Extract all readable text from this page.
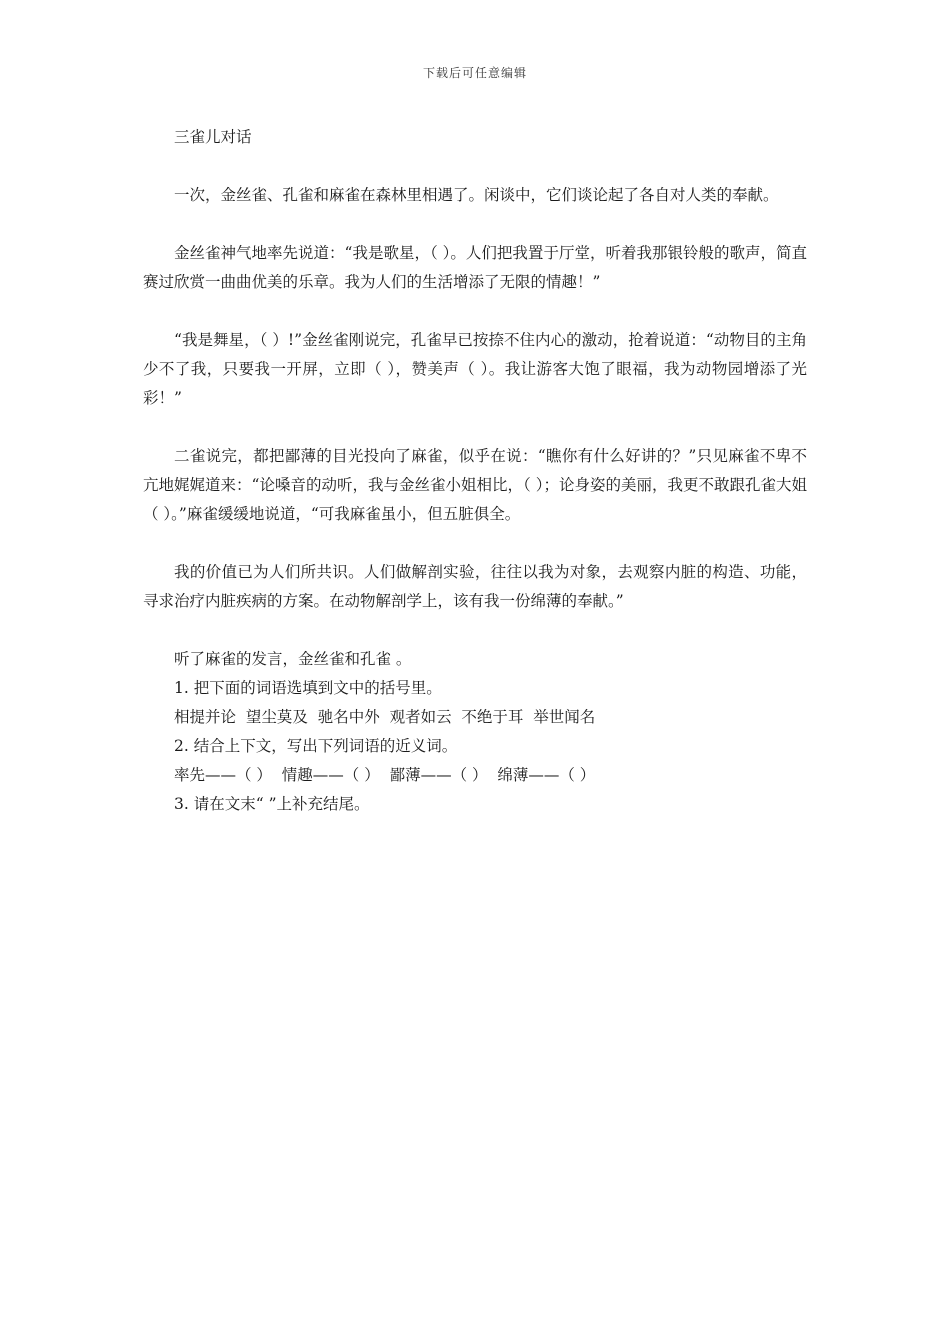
下载后可任意编辑

三雀儿对话

一次，金丝雀、孔雀和麻雀在森林里相遇了。闲谈中，它们谈论起了各自对人类的奉献。

金丝雀神气地率先说道：“我是歌星，（ ）。人们把我置于厅堂，听着我那银铃般的歌声，简直赛过欣赏一曲曲优美的乐章。我为人们的生活增添了无限的情趣！”

“我是舞星，（ ）!”金丝雀刚说完，孔雀早已按捺不住内心的激动，抢着说道：“动物目的主角少不了我，只要我一开屏，立即（ ），赞美声（ ）。我让游客大饱了眼福，我为动物园增添了光彩！”

二雀说完，都把鄙薄的目光投向了麻雀，似乎在说：“瞧你有什么好讲的？”只见麻雀不卑不亢地娓娓道来：“论嗓音的动听，我与金丝雀小姐相比，（ ）；论身姿的美丽，我更不敢跟孔雀大姐（ ）。”麻雀缓缓地说道，“可我麻雀虽小，但五脏俱全。

我的价值已为人们所共识。人们做解剖实验，往往以我为对象，去观察内脏的构造、功能，寻求治疗内脏疾病的方案。在动物解剖学上，该有我一份绵薄的奉献。”

听了麻雀的发言，金丝雀和孔雀 。

1. 把下面的词语选填到文中的括号里。

相提并论  望尘莫及  驰名中外  观者如云  不绝于耳  举世闻名

2. 结合上下文，写出下列词语的近义词。

率先——（ ）  情趣——（ ）  鄙薄——（ ）  绵薄——（ ）

3. 请在文末“ ”上补充结尾。
